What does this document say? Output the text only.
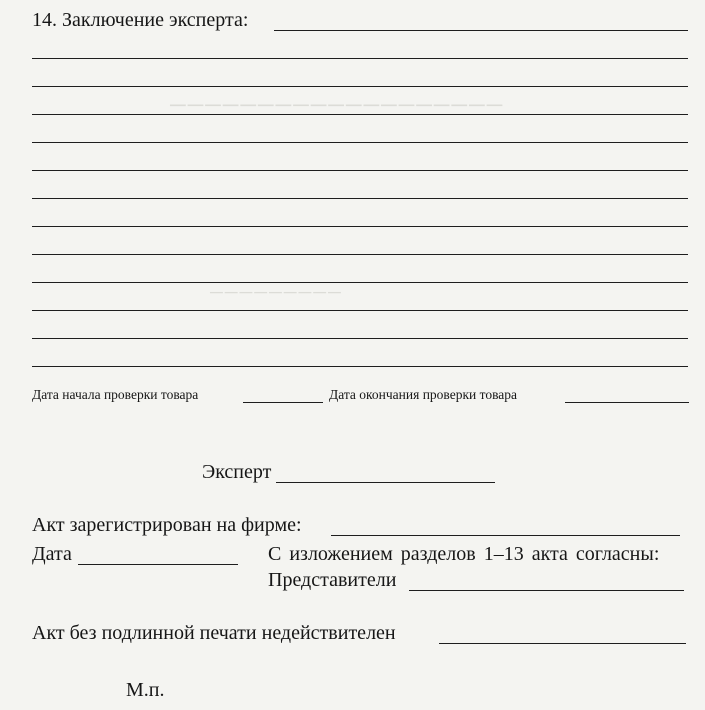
───────────────────
─────────
14. Заключение эксперта:
Дата начала проверки товара	Дата окончания проверки товара
Эксперт
Акт зарегистрирован на фирме:
Дата	С изложением разделов 1–13 акта согласны:
Представители
Акт без подлинной печати недействителен
М.п.
